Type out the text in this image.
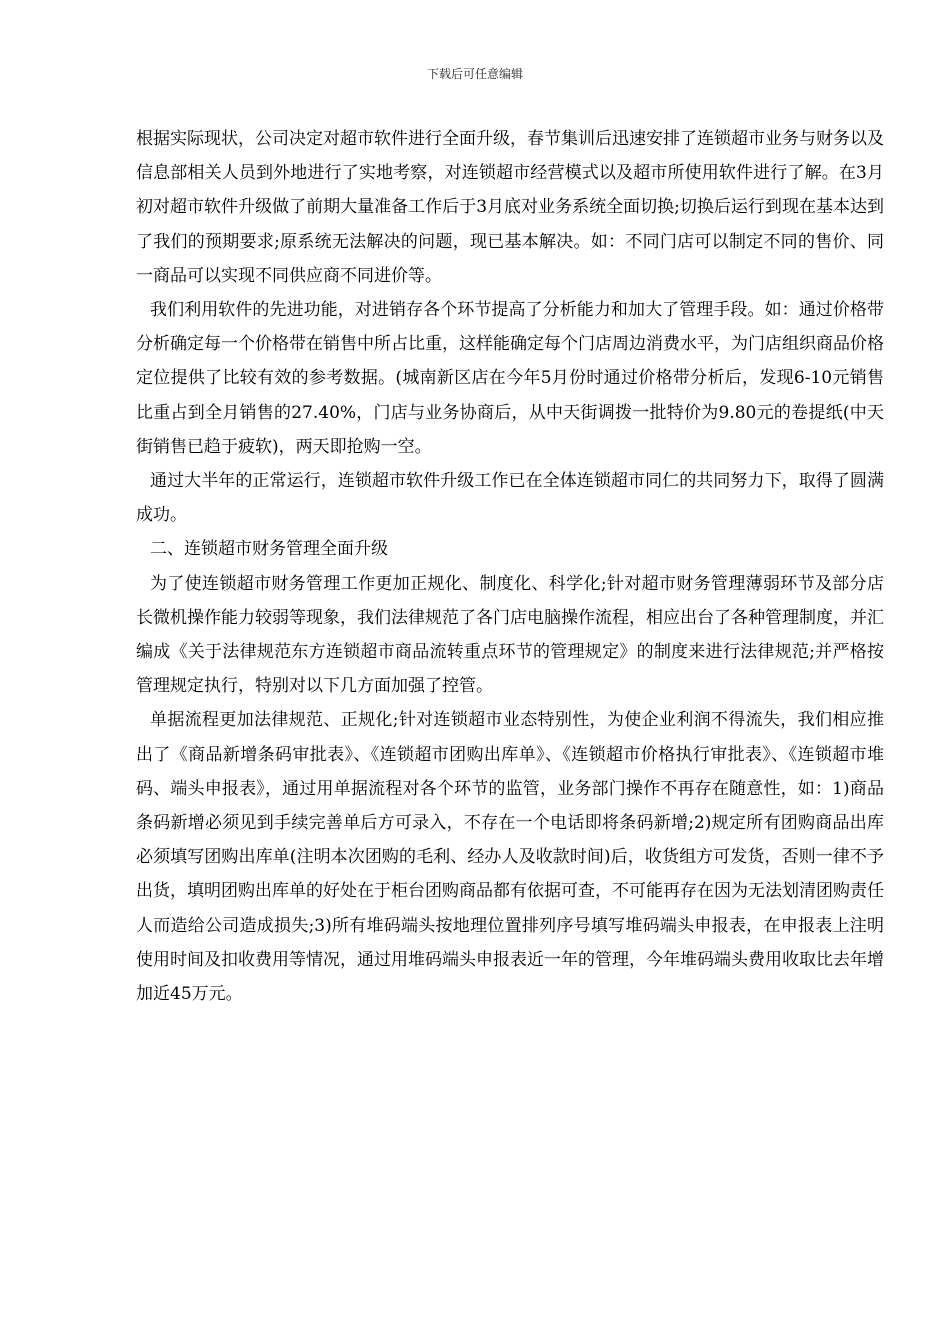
下载后可任意编辑

根据实际现状，公司决定对超市软件进行全面升级，春节集训后迅速安排了连锁超市业务与财务以及信息部相关人员到外地进行了实地考察，对连锁超市经营模式以及超市所使用软件进行了解。在3月初对超市软件升级做了前期大量准备工作后于3月底对业务系统全面切换;切换后运行到现在基本达到了我们的预期要求;原系统无法解决的问题，现已基本解决。如：不同门店可以制定不同的售价、同一商品可以实现不同供应商不同进价等。

我们利用软件的先进功能，对进销存各个环节提高了分析能力和加大了管理手段。如：通过价格带分析确定每一个价格带在销售中所占比重，这样能确定每个门店周边消费水平，为门店组织商品价格定位提供了比较有效的参考数据。(城南新区店在今年5月份时通过价格带分析后，发现6-10元销售比重占到全月销售的27.40%，门店与业务协商后，从中天街调拨一批特价为9.80元的卷提纸(中天街销售已趋于疲软)，两天即抢购一空。

通过大半年的正常运行，连锁超市软件升级工作已在全体连锁超市同仁的共同努力下，取得了圆满成功。

二、连锁超市财务管理全面升级

为了使连锁超市财务管理工作更加正规化、制度化、科学化;针对超市财务管理薄弱环节及部分店长微机操作能力较弱等现象，我们法律规范了各门店电脑操作流程，相应出台了各种管理制度，并汇编成《关于法律规范东方连锁超市商品流转重点环节的管理规定》的制度来进行法律规范;并严格按管理规定执行，特别对以下几方面加强了控管。

单据流程更加法律规范、正规化;针对连锁超市业态特别性，为使企业利润不得流失，我们相应推出了《商品新增条码审批表》、《连锁超市团购出库单》、《连锁超市价格执行审批表》、《连锁超市堆码、端头申报表》，通过用单据流程对各个环节的监管，业务部门操作不再存在随意性，如：1)商品条码新增必须见到手续完善单后方可录入，不存在一个电话即将条码新增;2)规定所有团购商品出库必须填写团购出库单(注明本次团购的毛利、经办人及收款时间)后，收货组方可发货，否则一律不予出货，填明团购出库单的好处在于柜台团购商品都有依据可查，不可能再存在因为无法划清团购责任人而造给公司造成损失;3)所有堆码端头按地理位置排列序号填写堆码端头申报表，在申报表上注明使用时间及扣收费用等情况，通过用堆码端头申报表近一年的管理，今年堆码端头费用收取比去年增加近45万元。
